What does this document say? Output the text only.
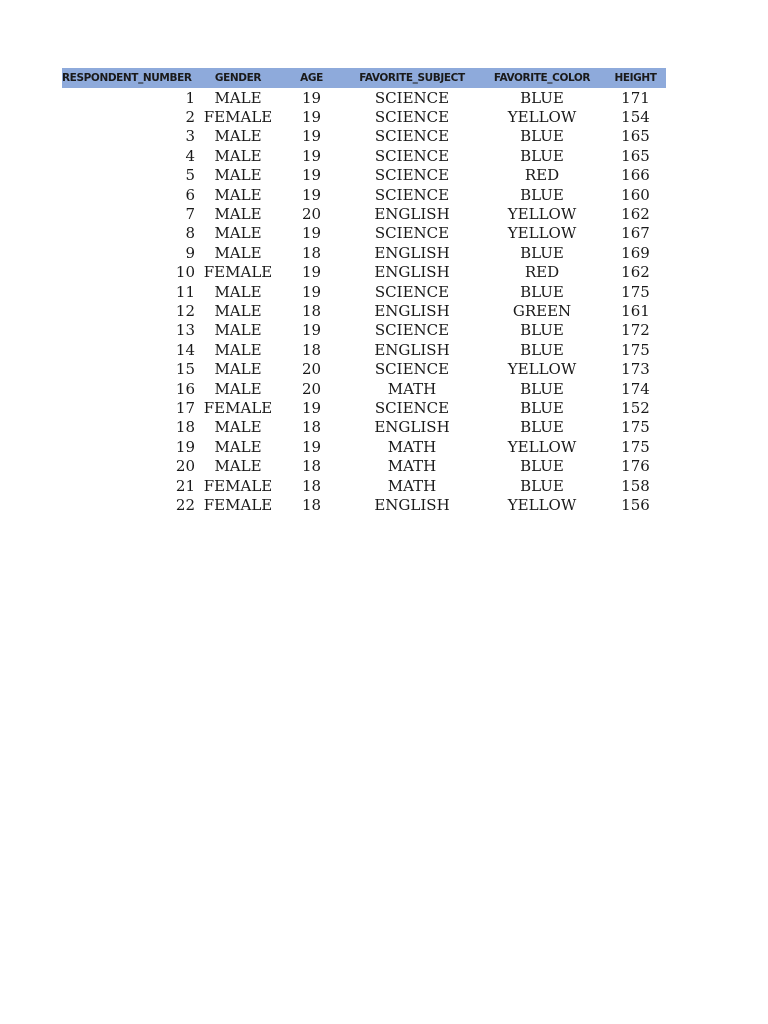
RESPONDENT_NUMBER	GENDER	AGE	FAVORITE_SUBJECT	FAVORITE_COLOR	HEIGHT
1	MALE	19	SCIENCE	BLUE	171
2 FEMALE	19	SCIENCE	YELLOW	154
3	MALE	19	SCIENCE	BLUE	165
4	MALE	19	SCIENCE	BLUE	165
5	MALE	19	SCIENCE	RED	166
6	MALE	19	SCIENCE	BLUE	160
7	MALE	20	ENGLISH	YELLOW	162
8	MALE	19	SCIENCE	YELLOW	167
9	MALE	18	ENGLISH	BLUE	169
10 FEMALE	19	ENGLISH	RED	162
11	MALE	19	SCIENCE	BLUE	175
12	MALE	18	ENGLISH	GREEN	161
13	MALE	19	SCIENCE	BLUE	172
14	MALE	18	ENGLISH	BLUE	175
15	MALE	20	SCIENCE	YELLOW	173
16	MALE	20	MATH	BLUE	174
17 FEMALE	19	SCIENCE	BLUE	152
18	MALE	18	ENGLISH	BLUE	175
19	MALE	19	MATH	YELLOW	175
20	MALE	18	MATH	BLUE	176
21 FEMALE	18	MATH	BLUE	158
22 FEMALE	18	ENGLISH	YELLOW	156
